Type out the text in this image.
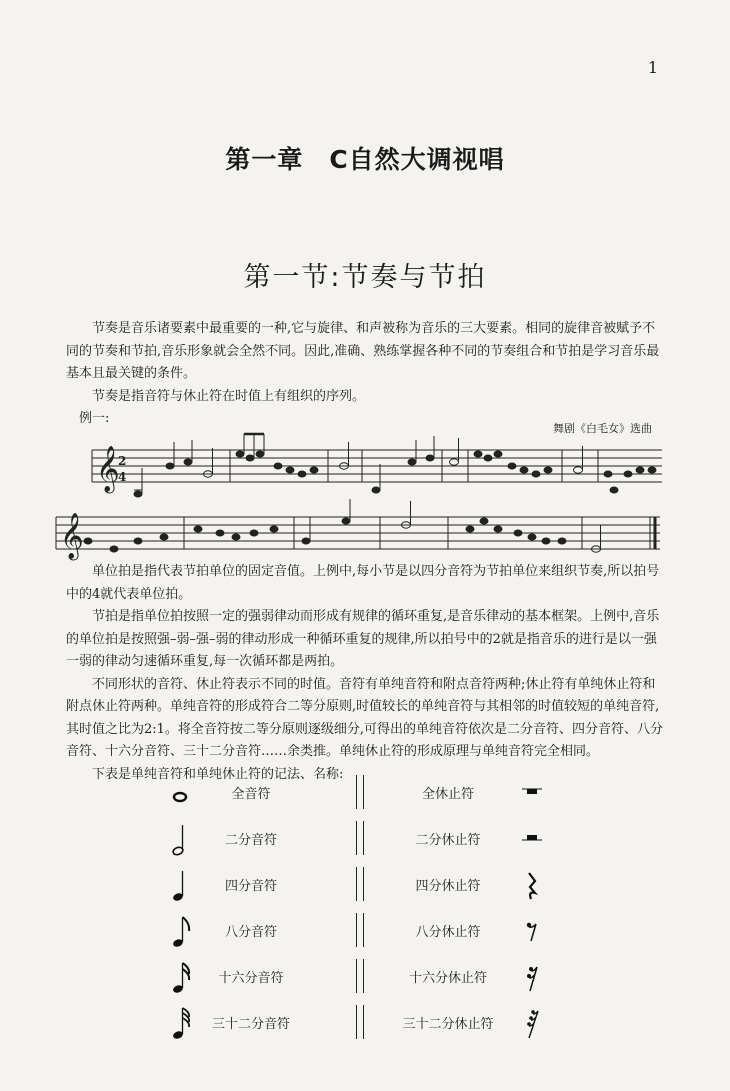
1
第一章　C自然大调视唱
第一节:节奏与节拍

节奏是音乐诸要素中最重要的一种,它与旋律、和声被称为音乐的三大要素。相同的旋律音被赋予不同的节奏和节拍,音乐形象就会全然不同。因此,准确、熟练掌握各种不同的节奏组合和节拍是学习音乐最基本且最关键的条件。

节奏是指音符与休止符在时值上有组织的序列。

例一:

舞剧《白毛女》选曲
𝄞
2
4
𝄞

单位拍是指代表节拍单位的固定音值。上例中,每小节是以四分音符为节拍单位来组织节奏,所以拍号中的4就代表单位拍。

节拍是指单位拍按照一定的强弱律动而形成有规律的循环重复,是音乐律动的基本框架。上例中,音乐的单位拍是按照强–弱–强–弱的律动形成一种循环重复的规律,所以拍号中的2就是指音乐的进行是以一强一弱的律动匀速循环重复,每一次循环都是两拍。

不同形状的音符、休止符表示不同的时值。音符有单纯音符和附点音符两种;休止符有单纯休止符和附点休止符两种。单纯音符的形成符合二等分原则,时值较长的单纯音符与其相邻的时值较短的单纯音符,其时值之比为2:1。将全音符按二等分原则逐级细分,可得出的单纯音符依次是二分音符、四分音符、八分音符、十六分音符、三十二分音符……余类推。单纯休止符的形成原理与单纯音符完全相同。

下表是单纯音符和单纯休止符的记法、名称:

全音符	全休止符
二分音符	二分休止符
四分音符	四分休止符
八分音符	八分休止符
十六分音符	十六分休止符
三十二分音符	三十二分休止符
